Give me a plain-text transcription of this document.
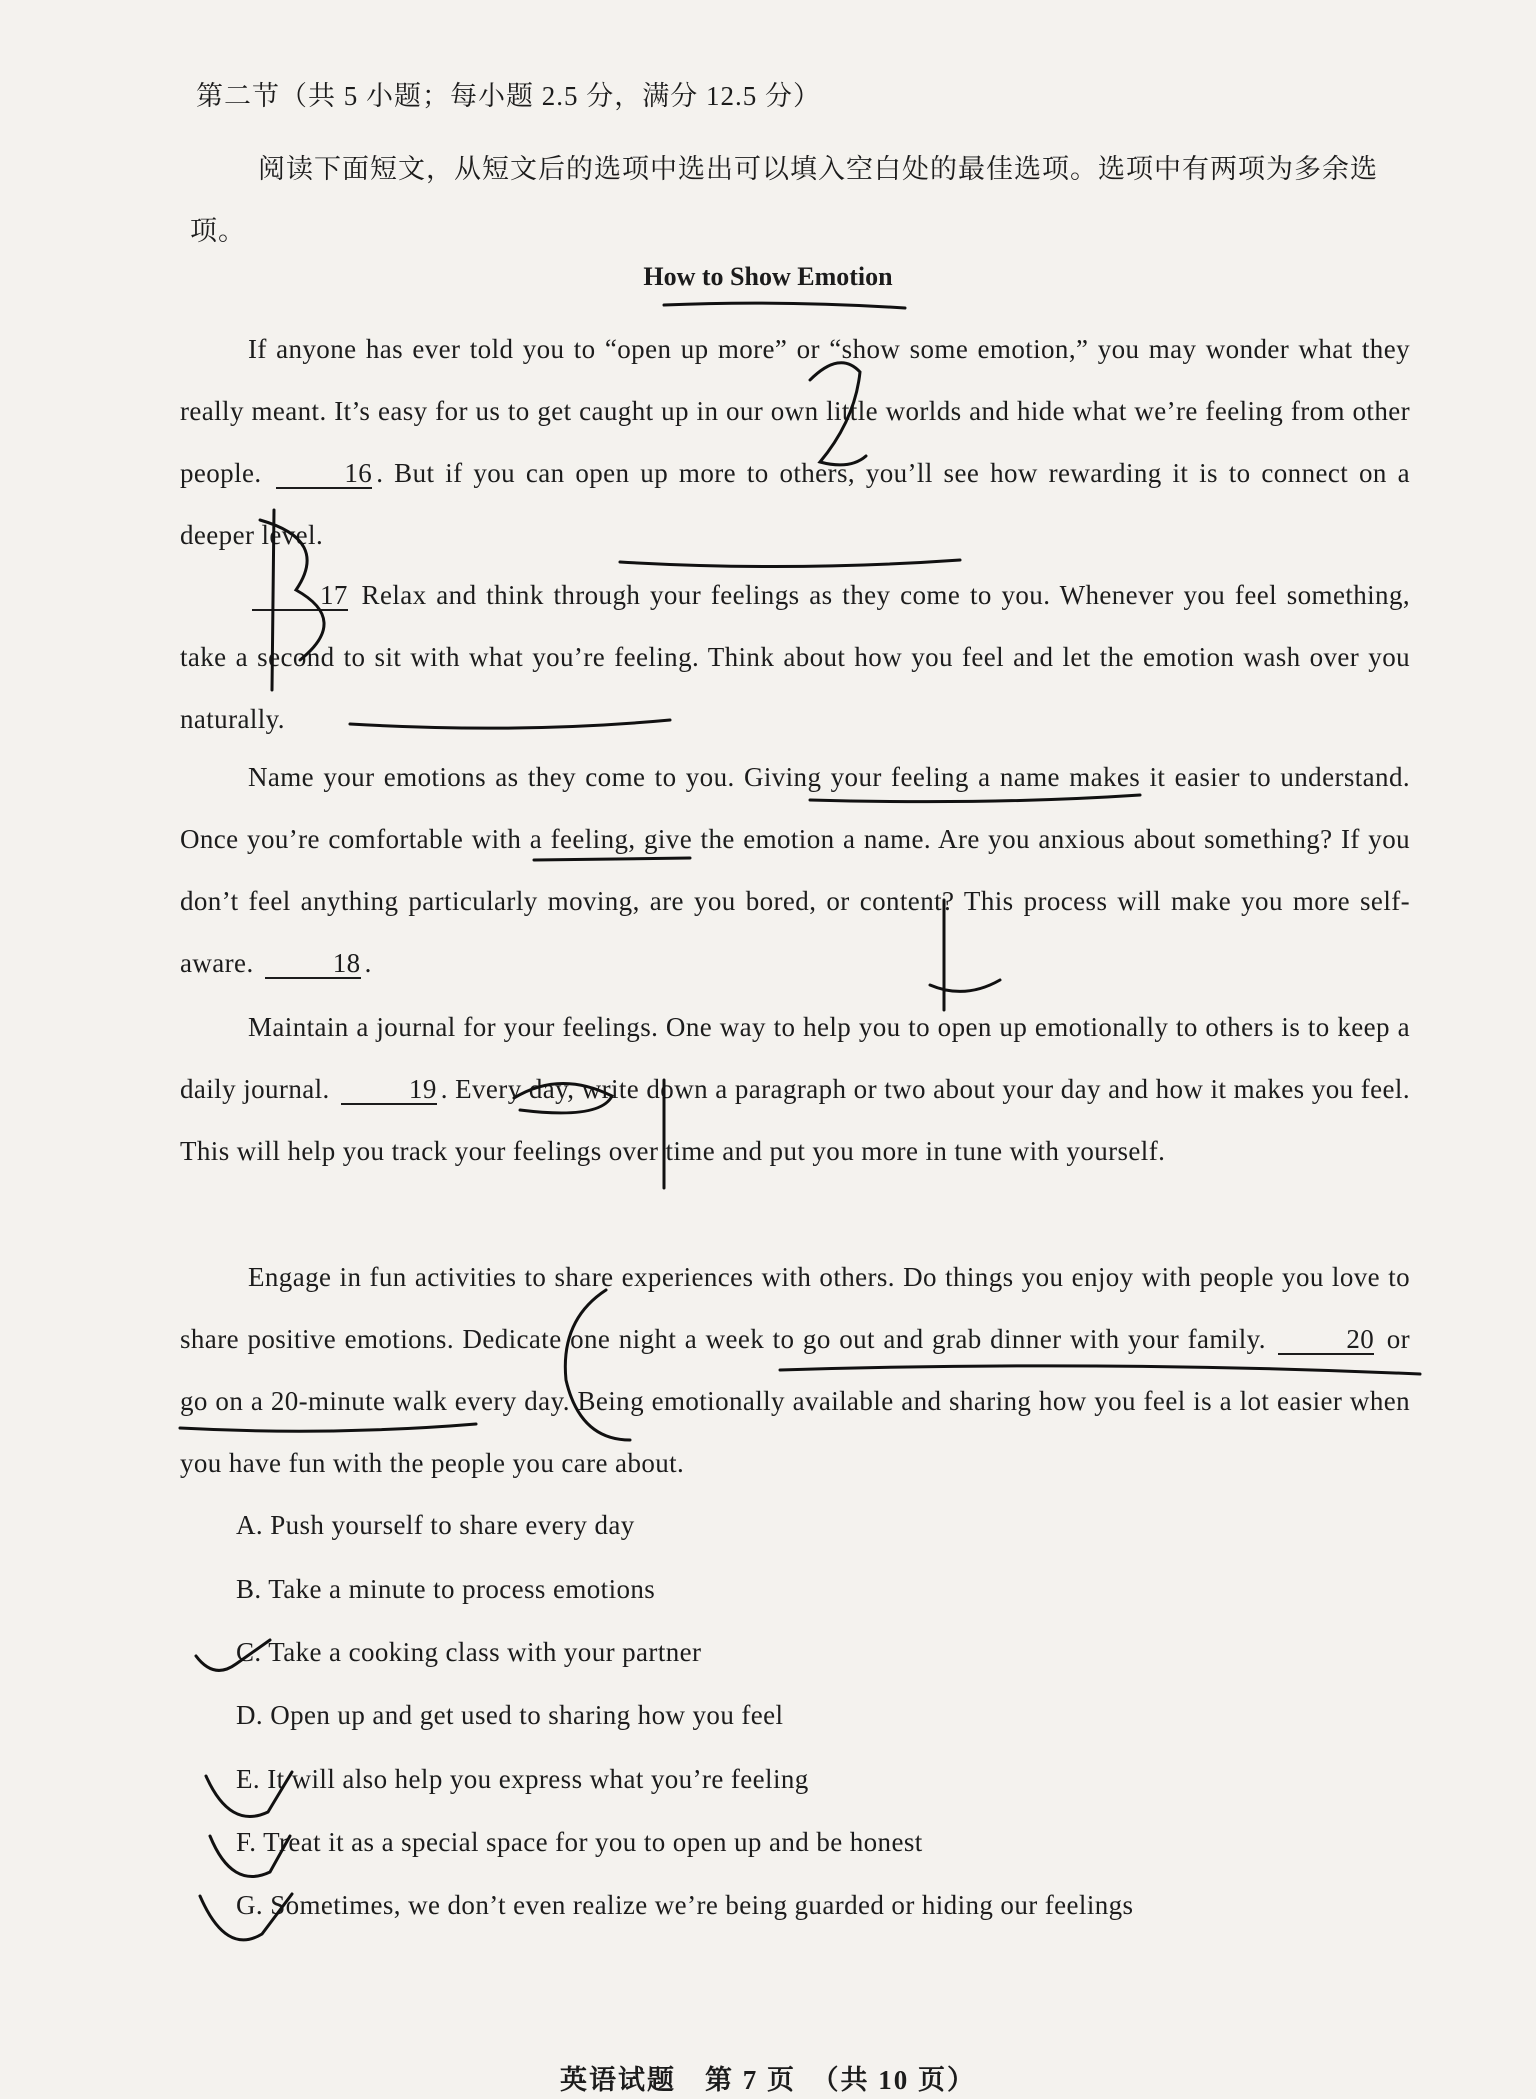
第二节（共 5 小题；每小题 2.5 分，满分 12.5 分）
阅读下面短文，从短文后的选项中选出可以填入空白处的最佳选项。选项中有两项为多余选项。
How to Show Emotion
If anyone has ever told you to “open up more” or “show some emotion,” you may wonder what they really meant. It’s easy for us to get caught up in our own little worlds and hide what we’re feeling from other people.	16 . But if you can open up more to others, you’ll see how rewarding it is to connect on a deeper level.
17 Relax and think through your feelings as they come to you. Whenever you feel something, take a second to sit with what you’re feeling. Think about how you feel and let the emotion wash over you naturally.
Name your emotions as they come to you. Giving your feeling a name makes it easier to understand. Once you’re comfortable with a feeling, give the emotion a name. Are you anxious about something? If you don’t feel anything particularly moving, are you bored, or content? This process will make you more self-aware.	18 .
Maintain a journal for your feelings. One way to help you to open up emotionally to others is to keep a daily journal.	19 . Every day, write down a paragraph or two about your day and how it makes you feel. This will help you track your feelings over time and put you more in tune with yourself.
Engage in fun activities to share experiences with others. Do things you enjoy with people you love to share positive emotions. Dedicate one night a week to go out and grab dinner with your family.	20 or go on a 20-minute walk every day. Being emotionally available and sharing how you feel is a lot easier when you have fun with the people you care about.
A. Push yourself to share every day
B. Take a minute to process emotions
C. Take a cooking class with your partner
D. Open up and get used to sharing how you feel
E. It will also help you express what you’re feeling
F. Treat it as a special space for you to open up and be honest
G. Sometimes, we don’t even realize we’re being guarded or hiding our feelings
英语试题　第 7 页　（共 10 页）
